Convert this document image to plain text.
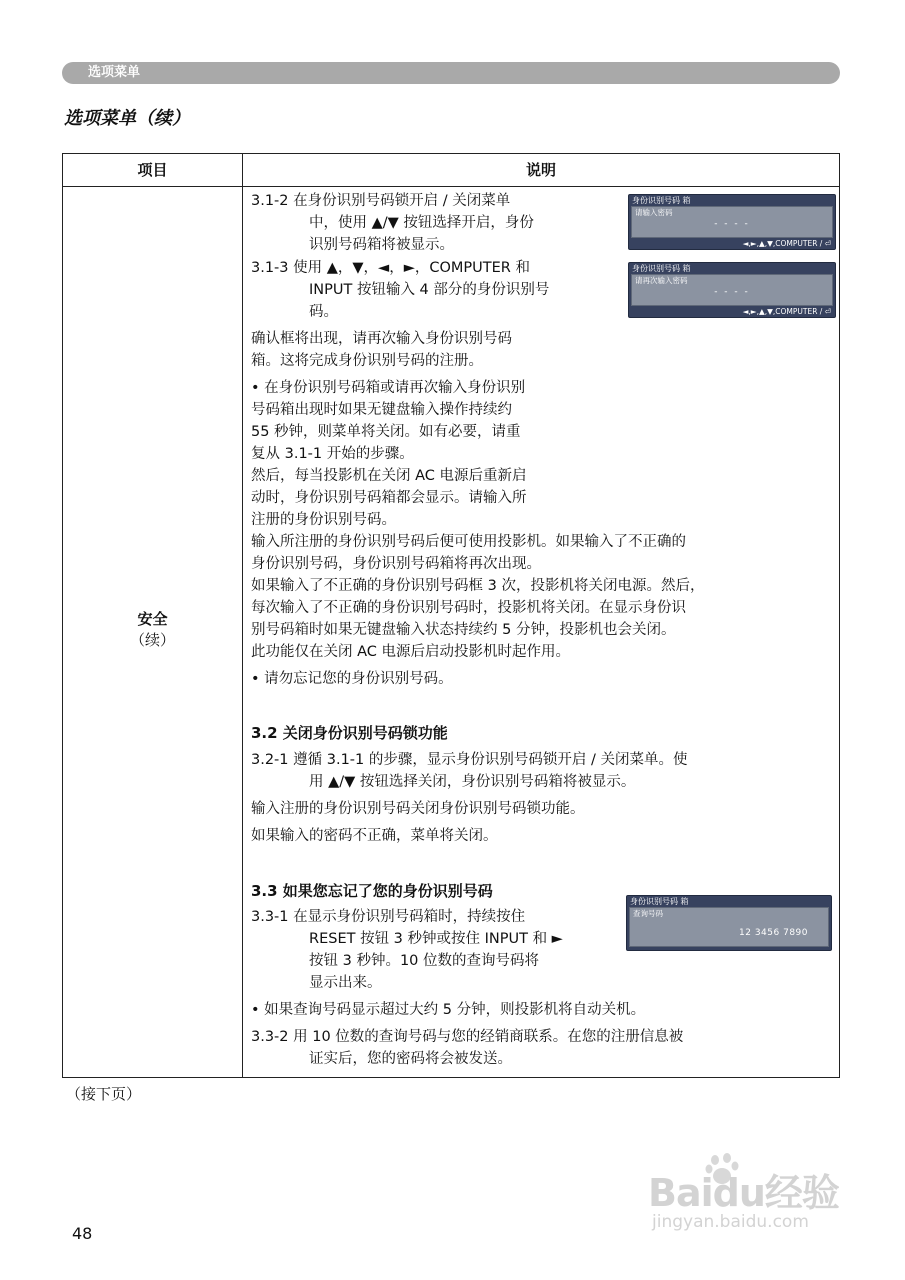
选项菜单
选项菜单（续）
项目	说明
安全
（续）
3.1-2 在身份识别号码锁开启 / 关闭菜单
中，使用 ▲/▼ 按钮选择开启，身份
识别号码箱将被显示。
3.1-3 使用 ▲，▼，◄，►，COMPUTER 和
INPUT 按钮输入 4 部分的身份识别号
码。
确认框将出现，请再次输入身份识别号码
箱。这将完成身份识别号码的注册。
• 在身份识别号码箱或请再次输入身份识别
号码箱出现时如果无键盘输入操作持续约
55 秒钟，则菜单将关闭。如有必要，请重
复从 3.1-1 开始的步骤。
然后，每当投影机在关闭 AC 电源后重新启
动时，身份识别号码箱都会显示。请输入所
注册的身份识别号码。
输入所注册的身份识别号码后便可使用投影机。如果输入了不正确的
身份识别号码，身份识别号码箱将再次出现。
如果输入了不正确的身份识别号码框 3 次，投影机将关闭电源。然后，
每次输入了不正确的身份识别号码时，投影机将关闭。在显示身份识
别号码箱时如果无键盘输入状态持续约 5 分钟，投影机也会关闭。
此功能仅在关闭 AC 电源后启动投影机时起作用。
• 请勿忘记您的身份识别号码。
3.2 关闭身份识别号码锁功能
3.2-1 遵循 3.1-1 的步骤，显示身份识别号码锁开启 / 关闭菜单。使
用 ▲/▼ 按钮选择关闭，身份识别号码箱将被显示。
输入注册的身份识别号码关闭身份识别号码锁功能。
如果输入的密码不正确，菜单将关闭。
3.3 如果您忘记了您的身份识别号码
3.3-1 在显示身份识别号码箱时，持续按住
RESET 按钮 3 秒钟或按住 INPUT 和 ►
按钮 3 秒钟。10 位数的查询号码将
显示出来。
• 如果查询号码显示超过大约 5 分钟，则投影机将自动关机。
3.3-2 用 10 位数的查询号码与您的经销商联系。在您的注册信息被
证实后，您的密码将会被发送。
身份识别号码 箱
请输入密码
- - - -
◄,►,▲,▼,COMPUTER / ⏎
身份识别号码 箱
请再次输入密码
- - - -
◄,►,▲,▼,COMPUTER / ⏎
身份识别号码 箱
查询号码
12 3456 7890
（接下页）
48
Baidu经验
jingyan.baidu.com
